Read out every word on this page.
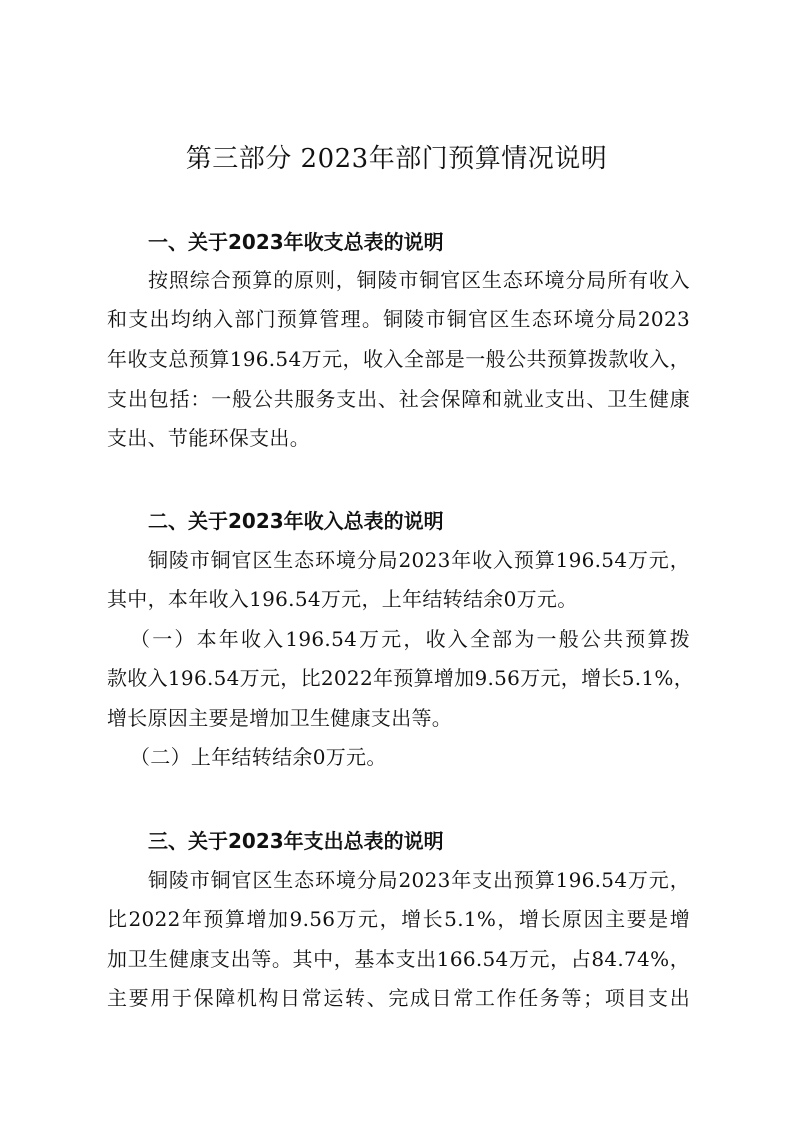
第三部分 2023年部门预算情况说明
一、关于2023年收支总表的说明
按照综合预算的原则，铜陵市铜官区生态环境分局所有收入
和支出均纳入部门预算管理。铜陵市铜官区生态环境分局2023
年收支总预算196.54万元，收入全部是一般公共预算拨款收入，
支出包括：一般公共服务支出、社会保障和就业支出、卫生健康
支出、节能环保支出。
二、关于2023年收入总表的说明
铜陵市铜官区生态环境分局2023年收入预算196.54万元，
其中，本年收入196.54万元，上年结转结余0万元。
（一）本年收入196.54万元，收入全部为一般公共预算拨
款收入196.54万元，比2022年预算增加9.56万元，增长5.1%，
增长原因主要是增加卫生健康支出等。
（二）上年结转结余0万元。
三、关于2023年支出总表的说明
铜陵市铜官区生态环境分局2023年支出预算196.54万元，
比2022年预算增加9.56万元，增长5.1%，增长原因主要是增
加卫生健康支出等。其中，基本支出166.54万元，占84.74%，
主要用于保障机构日常运转、完成日常工作任务等；项目支出
